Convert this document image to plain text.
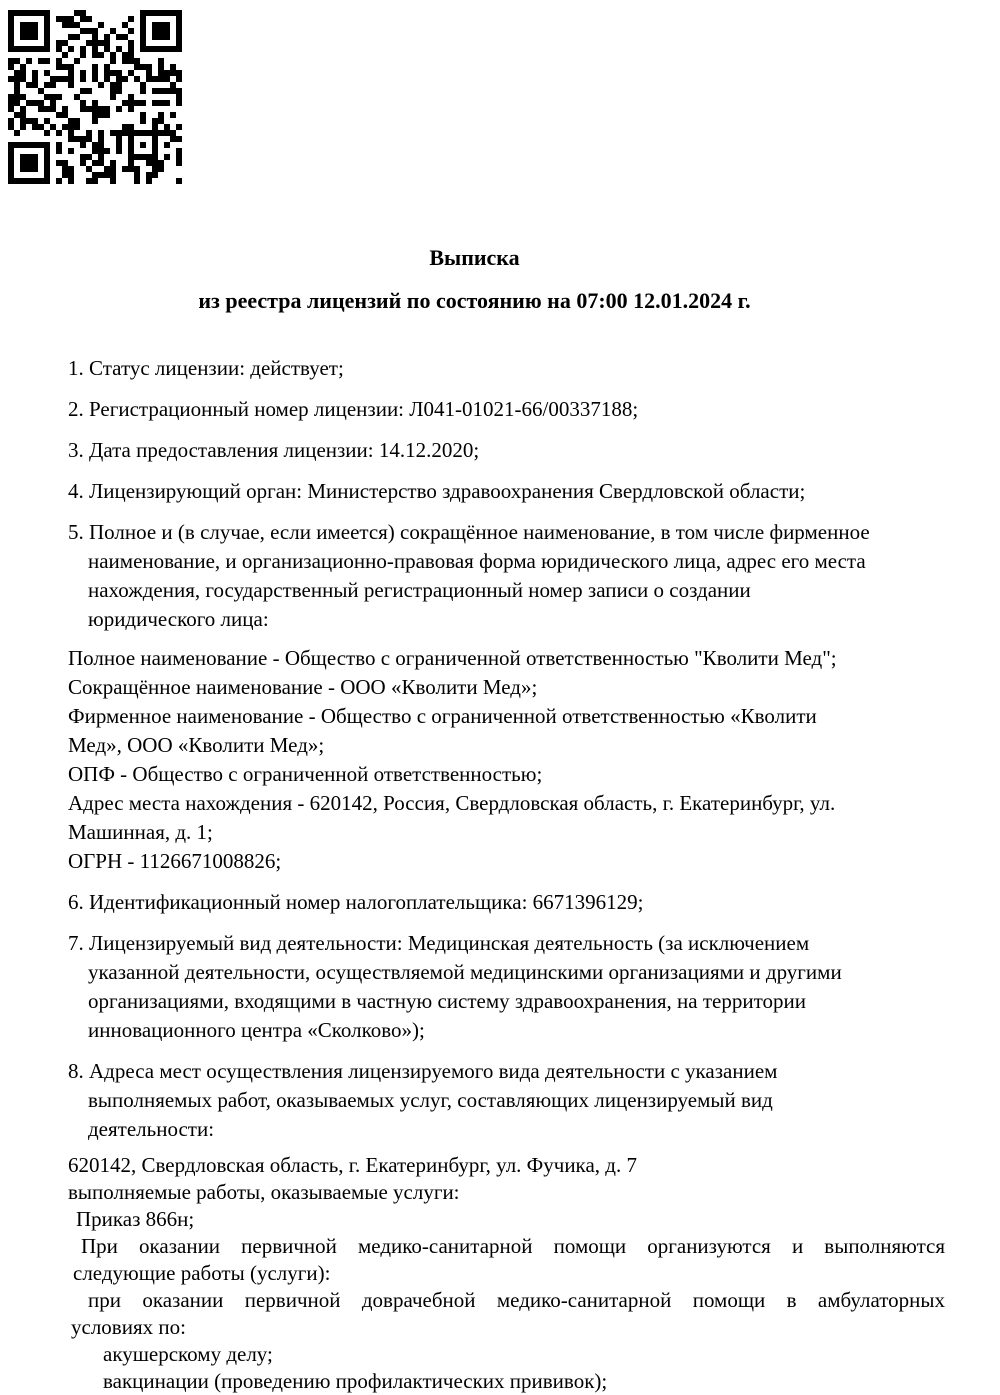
Выписка
из реестра лицензий по состоянию на 07:00 12.01.2024 г.
1. Статус лицензии: действует;
2. Регистрационный номер лицензии: Л041-01021-66/00337188;
3. Дата предоставления лицензии: 14.12.2020;
4. Лицензирующий орган: Министерство здравоохранения Свердловской области;
5. Полное и (в случае, если имеется) сокращённое наименование, в том числе фирменное
наименование, и организационно-правовая форма юридического лица, адрес его места
нахождения, государственный регистрационный номер записи о создании
юридического лица:
Полное наименование - Общество с ограниченной ответственностью "Кволити Мед";
Сокращённое наименование - ООО «Кволити Мед»;
Фирменное наименование - Общество с ограниченной ответственностью «Кволити
Мед», ООО «Кволити Мед»;
ОПФ - Общество с ограниченной ответственностью;
Адрес места нахождения - 620142, Россия, Свердловская область, г. Екатеринбург, ул.
Машинная, д. 1;
ОГРН - 1126671008826;
6. Идентификационный номер налогоплательщика: 6671396129;
7. Лицензируемый вид деятельности: Медицинская деятельность (за исключением
указанной деятельности, осуществляемой медицинскими организациями и другими
организациями, входящими в частную систему здравоохранения, на территории
инновационного центра «Сколково»);
8. Адреса мест осуществления лицензируемого вида деятельности с указанием
выполняемых работ, оказываемых услуг, составляющих лицензируемый вид
деятельности:
620142, Свердловская область, г. Екатеринбург, ул. Фучика, д. 7
выполняемые работы, оказываемые услуги:
Приказ 866н;
При оказании первичной медико-санитарной помощи организуются и выполняются
следующие работы (услуги):
при оказании первичной доврачебной медико-санитарной помощи в амбулаторных
условиях по:
акушерскому делу;
вакцинации (проведению профилактических прививок);
